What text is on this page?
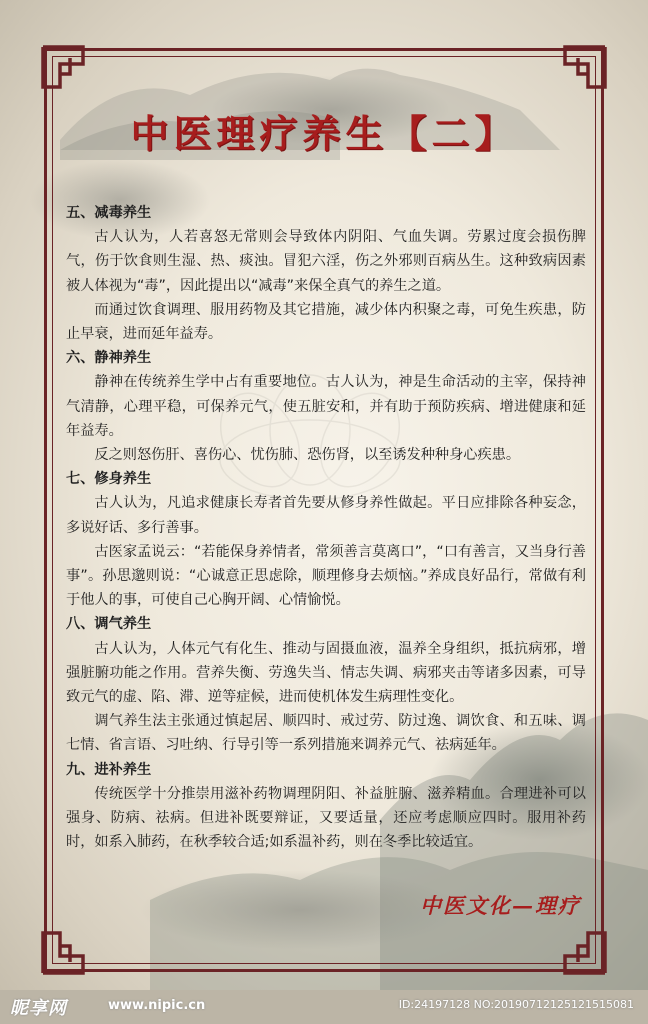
中医理疗养生【二】
五、减毒养生
古人认为，人若喜怒无常则会导致体内阴阳、气血失调。劳累过度会损伤脾气，伤于饮食则生湿、热、痰浊。冒犯六淫，伤之外邪则百病丛生。这种致病因素被人体视为“毒”，因此提出以“减毒”来保全真气的养生之道。
而通过饮食调理、服用药物及其它措施，减少体内积聚之毒，可免生疾患，防止早衰，进而延年益寿。
六、静神养生
静神在传统养生学中占有重要地位。古人认为，神是生命活动的主宰，保持神气清静，心理平稳，可保养元气，使五脏安和，并有助于预防疾病、增进健康和延年益寿。
反之则怒伤肝、喜伤心、忧伤肺、恐伤肾，以至诱发种种身心疾患。
七、修身养生
古人认为，凡追求健康长寿者首先要从修身养性做起。平日应排除各种妄念，多说好话、多行善事。
古医家孟说云：“若能保身养情者，常须善言莫离口”，“口有善言，又当身行善事”。孙思邈则说：“心诚意正思虑除，顺理修身去烦恼。”养成良好品行，常做有利于他人的事，可使自己心胸开阔、心情愉悦。
八、调气养生
古人认为，人体元气有化生、推动与固摄血液，温养全身组织，抵抗病邪，增强脏腑功能之作用。营养失衡、劳逸失当、情志失调、病邪夹击等诸多因素，可导致元气的虚、陷、滞、逆等症候，进而使机体发生病理性变化。
调气养生法主张通过慎起居、顺四时、戒过劳、防过逸、调饮食、和五味、调七情、省言语、习吐纳、行导引等一系列措施来调养元气、祛病延年。
九、进补养生
传统医学十分推崇用滋补药物调理阴阳、补益脏腑、滋养精血。合理进补可以强身、防病、祛病。但进补既要辩证，又要适量，还应考虑顺应四时。服用补药时，如系入肺药，在秋季较合适;如系温补药，则在冬季比较适宜。
中医文化—理疗
昵享网	www.nipic.cn	ID:24197128 NO:20190712125121515081
